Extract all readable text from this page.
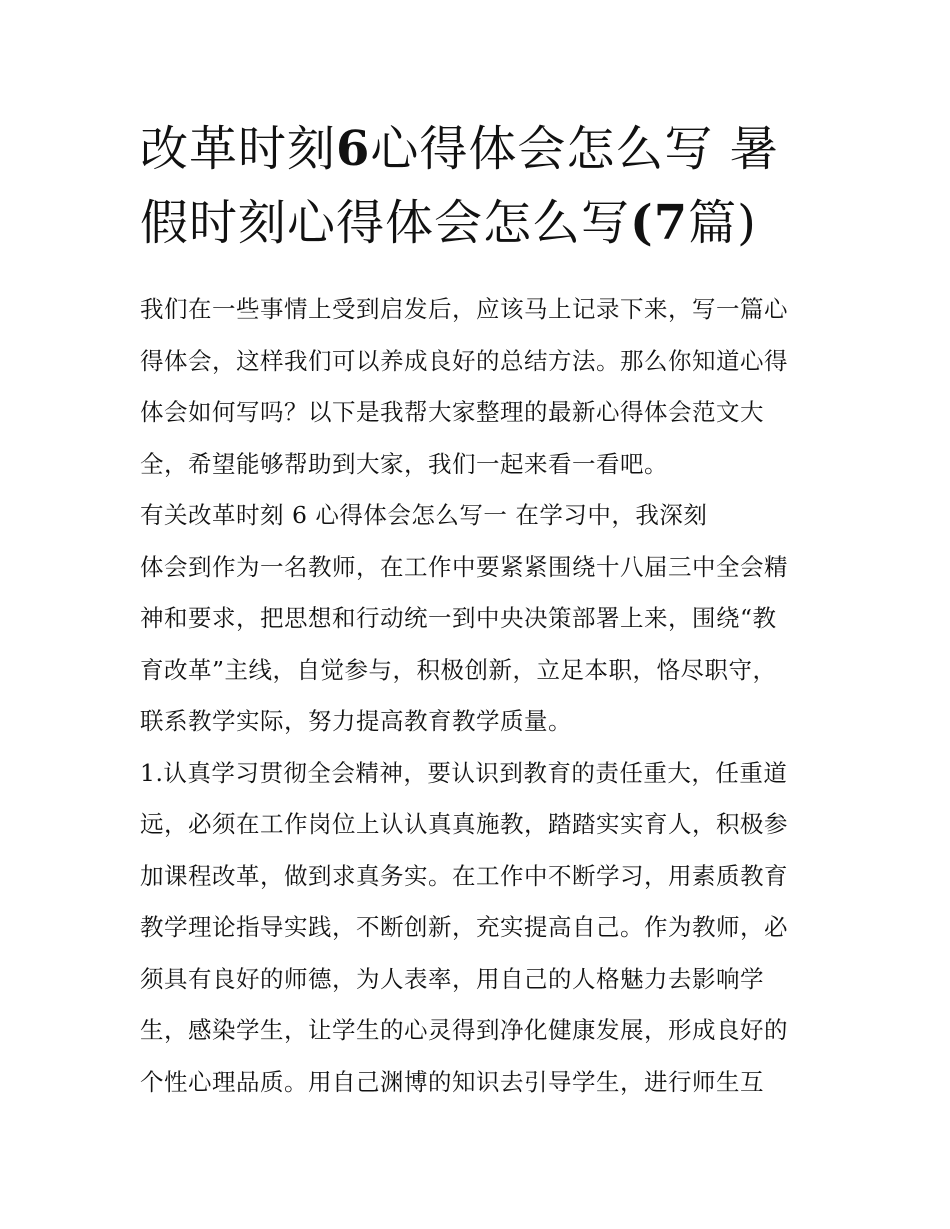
改革时刻6心得体会怎么写 暑假时刻心得体会怎么写(7篇)
我们在一些事情上受到启发后，应该马上记录下来，写一篇心
得体会，这样我们可以养成良好的总结方法。那么你知道心得
体会如何写吗？以下是我帮大家整理的最新心得体会范文大
全，希望能够帮助到大家，我们一起来看一看吧。
有关改革时刻 6 心得体会怎么写一 在学习中，我深刻
体会到作为一名教师，在工作中要紧紧围绕十八届三中全会精
神和要求，把思想和行动统一到中央决策部署上来，围绕“教
育改革”主线，自觉参与，积极创新，立足本职，恪尽职守，
联系教学实际，努力提高教育教学质量。
1.认真学习贯彻全会精神，要认识到教育的责任重大，任重道
远，必须在工作岗位上认认真真施教，踏踏实实育人，积极参
加课程改革，做到求真务实。在工作中不断学习，用素质教育
教学理论指导实践，不断创新，充实提高自己。作为教师，必
须具有良好的师德，为人表率，用自己的人格魅力去影响学
生，感染学生，让学生的心灵得到净化健康发展，形成良好的
个性心理品质。用自己渊博的知识去引导学生，进行师生互
